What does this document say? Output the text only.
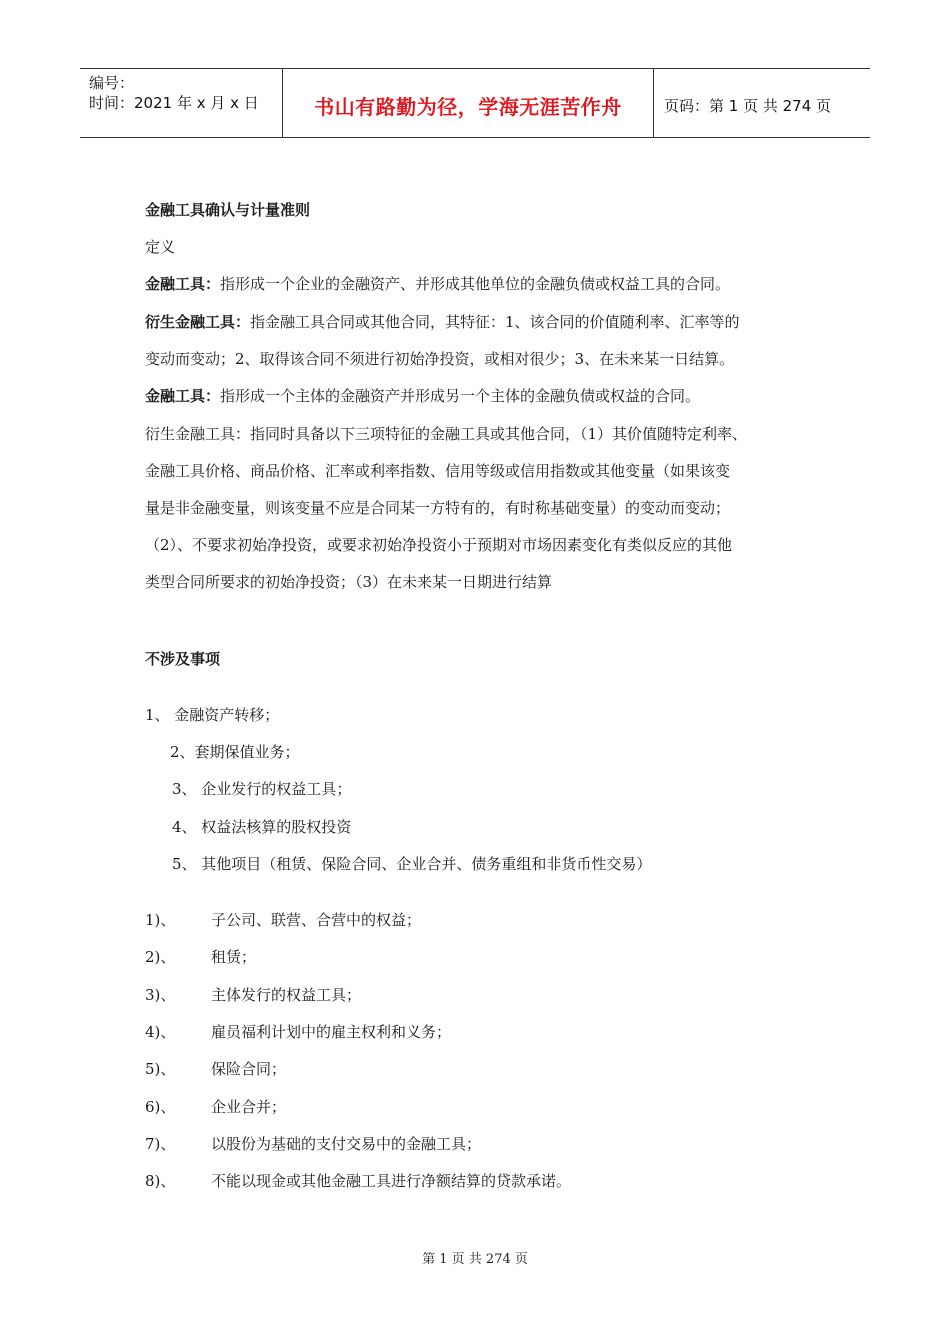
编号：
时间：2021 年 x 月 x 日	书山有路勤为径，学海无涯苦作舟	页码：第 1 页 共 274 页
金融工具确认与计量准则
定义
金融工具：指形成一个企业的金融资产、并形成其他单位的金融负债或权益工具的合同。
衍生金融工具：指金融工具合同或其他合同，其特征：1、该合同的价值随利率、汇率等的
变动而变动；2、取得该合同不须进行初始净投资，或相对很少；3、在未来某一日结算。
金融工具：指形成一个主体的金融资产并形成另一个主体的金融负债或权益的合同。
衍生金融工具：指同时具备以下三项特征的金融工具或其他合同，（1）其价值随特定利率、
金融工具价格、商品价格、汇率或利率指数、信用等级或信用指数或其他变量（如果该变
量是非金融变量，则该变量不应是合同某一方特有的，有时称基础变量）的变动而变动；
（2）、不要求初始净投资，或要求初始净投资小于预期对市场因素变化有类似反应的其他
类型合同所要求的初始净投资；（3）在未来某一日期进行结算
不涉及事项
1、 金融资产转移；
2、套期保值业务；
3、 企业发行的权益工具；
4、 权益法核算的股权投资
5、 其他项目（租赁、保险合同、企业合并、债务重组和非货币性交易）
1)、 子公司、联营、合营中的权益；
2)、 租赁；
3)、 主体发行的权益工具；
4)、 雇员福利计划中的雇主权利和义务；
5)、 保险合同；
6)、 企业合并；
7)、 以股份为基础的支付交易中的金融工具；
8)、 不能以现金或其他金融工具进行净额结算的贷款承诺。
第 1 页 共 274 页
